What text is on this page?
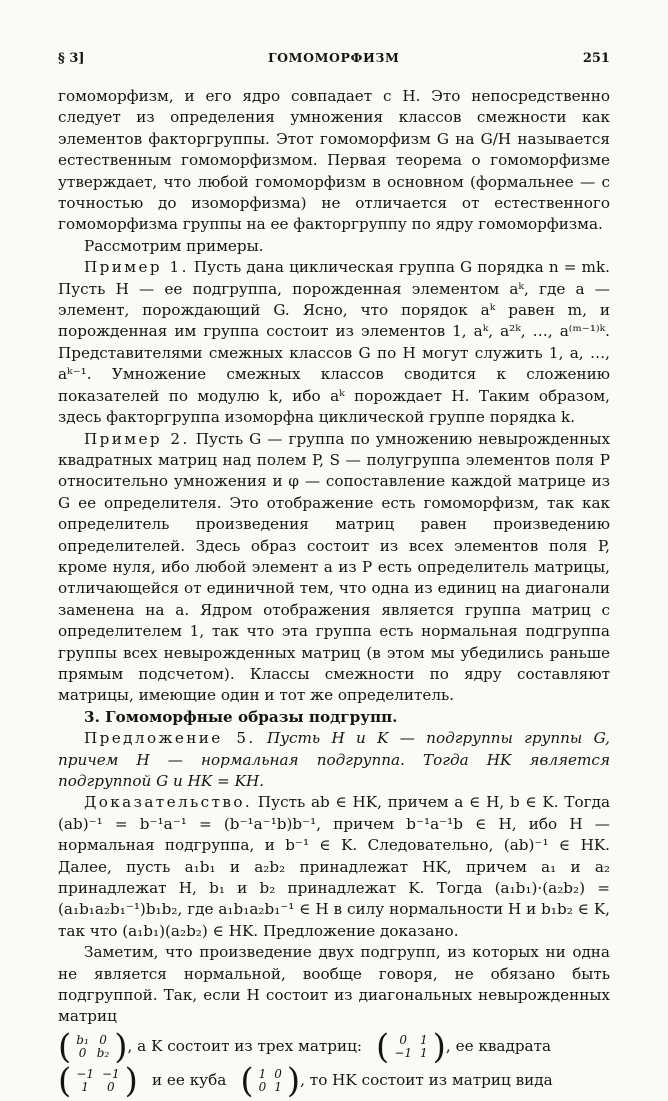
§ 3]	ГОМОМОРФИЗМ	251

гомоморфизм, и его ядро совпадает с H. Это непосредственно следует из определения умножения классов смежности как элементов факторгруппы. Этот гомоморфизм G на G/H называется естественным гомоморфизмом. Первая теорема о гомоморфизме утверждает, что любой гомоморфизм в основном (формальнее — с точностью до изоморфизма) не отличается от естественного гомоморфизма группы на ее факторгруппу по ядру гомоморфизма.

Рассмотрим примеры.

Пример 1. Пусть дана циклическая группа G порядка n = mk. Пусть H — ее подгруппа, порожденная элементом aᵏ, где a — элемент, порождающий G. Ясно, что порядок aᵏ равен m, и порожденная им группа состоит из элементов 1, aᵏ, a²ᵏ, …, a⁽ᵐ⁻¹⁾ᵏ. Представителями смежных классов G по H могут служить 1, a, …, aᵏ⁻¹. Умножение смежных классов сводится к сложению показателей по модулю k, ибо aᵏ порождает H. Таким образом, здесь факторгруппа изоморфна циклической группе порядка k.

Пример 2. Пусть G — группа по умножению невырожденных квадратных матриц над полем P, S — полугруппа элементов поля P относительно умножения и φ — сопоставление каждой матрице из G ее определителя. Это отображение есть гомоморфизм, так как определитель произведения матриц равен произведению определителей. Здесь образ состоит из всех элементов поля P, кроме нуля, ибо любой элемент a из P есть определитель матрицы, отличающейся от единичной тем, что одна из единиц на диагонали заменена на a. Ядром отображения является группа матриц с определителем 1, так что эта группа есть нормальная подгруппа группы всех невырожденных матриц (в этом мы убедились раньше прямым подсчетом). Классы смежности по ядру составляют матрицы, имеющие один и тот же определитель.

3. Гомоморфные образы подгрупп.

Предложение 5. Пусть H и K — подгруппы группы G, причем H — нормальная подгруппа. Тогда HK является подгруппой G и HK = KH.

Доказательство. Пусть ab ∈ HK, причем a ∈ H, b ∈ K. Тогда (ab)⁻¹ = b⁻¹a⁻¹ = (b⁻¹a⁻¹b)b⁻¹, причем b⁻¹a⁻¹b ∈ H, ибо H — нормальная подгруппа, и b⁻¹ ∈ K. Следовательно, (ab)⁻¹ ∈ HK. Далее, пусть a₁b₁ и a₂b₂ принадлежат HK, причем a₁ и a₂ принадлежат H, b₁ и b₂ принадлежат K. Тогда (a₁b₁)·(a₂b₂) = (a₁b₁a₂b₁⁻¹)b₁b₂, где a₁b₁a₂b₁⁻¹ ∈ H в силу нормальности H и b₁b₂ ∈ K, так что (a₁b₁)(a₂b₂) ∈ HK. Предложение доказано.

Заметим, что произведение двух подгрупп, из которых ни одна не является нормальной, вообще говоря, не обязано быть подгруппой. Так, если H состоит из диагональных невырожденных матриц

( b₁	0
0	b₂ ) , а K состоит из трех матриц: ( 0	1
−1	1 ) , ее квадрата
( −1	−1
1	0 ) и ее куба ( 1	0
0	1 ) , то HK состоит из матриц вида
